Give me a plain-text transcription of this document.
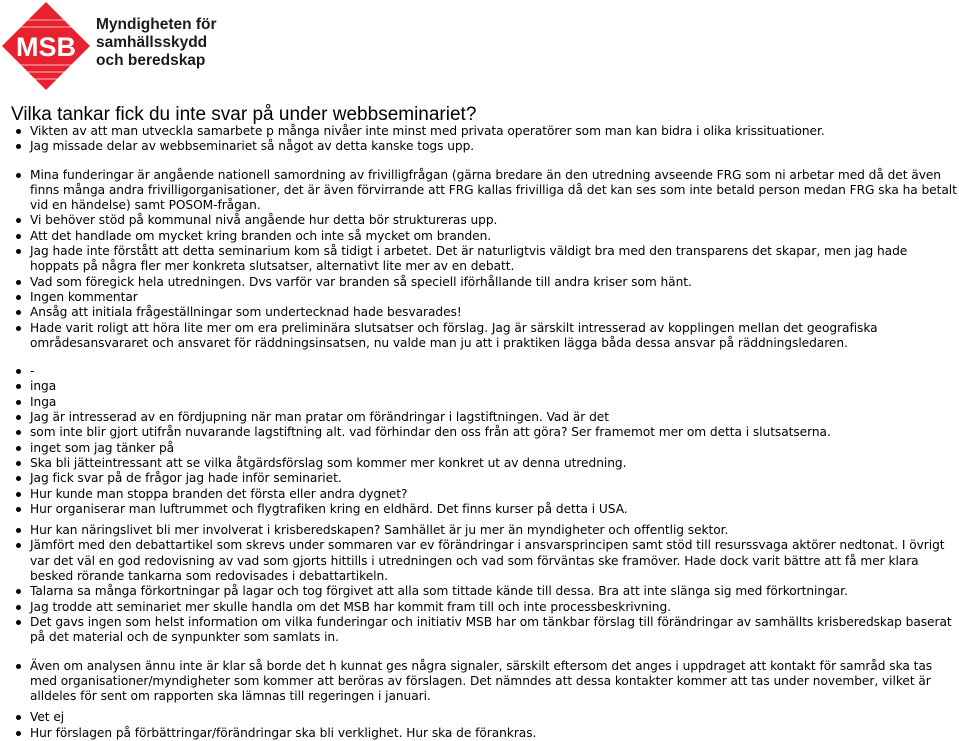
MSB
Myndigheten för
samhällsskydd
och beredskap
Vilka tankar fick du inte svar på under webbseminariet?
Vikten av att man utveckla samarbete p många nivåer inte minst med privata operatörer som man kan bidra i olika krissituationer.
Jag missade delar av webbseminariet så något av detta kanske togs upp.
Mina funderingar är angående nationell samordning av frivilligfrågan (gärna bredare än den utredning avseende FRG som ni arbetar med då det även finns många andra frivilligorganisationer, det är även förvirrande att FRG kallas frivilliga då det kan ses som inte betald person medan FRG ska ha betalt vid en händelse) samt POSOM-frågan.
Vi behöver stöd på kommunal nivå angående hur detta bör struktureras upp.
Att det handlade om mycket kring branden och inte så mycket om branden.
Jag hade inte förstått att detta seminarium kom så tidigt i arbetet. Det är naturligtvis väldigt bra med den transparens det skapar, men jag hade hoppats på några fler mer konkreta slutsatser, alternativt lite mer av en debatt.
Vad som föregick hela utredningen. Dvs varför var branden så speciell iförhållande till andra kriser som hänt.
Ingen kommentar
Ansåg att initiala frågeställningar som undertecknad hade besvarades!
Hade varit roligt att höra lite mer om era preliminära slutsatser och förslag. Jag är särskilt intresserad av kopplingen mellan det geografiska områdesansvararet och ansvaret för räddningsinsatsen, nu valde man ju att i praktiken lägga båda dessa ansvar på räddningsledaren.
-
inga
Inga
Jag är intresserad av en fördjupning när man pratar om förändringar i lagstiftningen. Vad är det
som inte blir gjort utifrån nuvarande lagstiftning alt. vad förhindar den oss från att göra? Ser framemot mer om detta i slutsatserna.
inget som jag tänker på
Ska bli jätteintressant att se vilka åtgärdsförslag som kommer mer konkret ut av denna utredning.
Jag fick svar på de frågor jag hade inför seminariet.
Hur kunde man stoppa branden det första eller andra dygnet?
Hur organiserar man luftrummet och flygtrafiken kring en eldhärd. Det finns kurser på detta i USA.
Hur kan näringslivet bli mer involverat i krisberedskapen? Samhället är ju mer än myndigheter och offentlig sektor.
Jämfört med den debattartikel som skrevs under sommaren var ev förändringar i ansvarsprincipen samt stöd till resurssvaga aktörer nedtonat. I övrigt var det väl en god redovisning av vad som gjorts hittills i utredningen och vad som förväntas ske framöver. Hade dock varit bättre att få mer klara besked rörande tankarna som redovisades i debattartikeln.
Talarna sa många förkortningar på lagar och tog förgivet att alla som tittade kände till dessa. Bra att inte slänga sig med förkortningar.
Jag trodde att seminariet mer skulle handla om det MSB har kommit fram till och inte processbeskrivning.
Det gavs ingen som helst information om vilka funderingar och initiativ MSB har om tänkbar förslag till förändringar av samhällts krisberedskap baserat på det material och de synpunkter som samlats in.
Även om analysen ännu inte är klar så borde det h kunnat ges några signaler, särskilt eftersom det anges i uppdraget att kontakt för samråd ska tas med organisationer/myndigheter som kommer att beröras av förslagen. Det nämndes att dessa kontakter kommer att tas under november, vilket är alldeles för sent om rapporten ska lämnas till regeringen i januari.
Vet ej
Hur förslagen på förbättringar/förändringar ska bli verklighet. Hur ska de förankras.
